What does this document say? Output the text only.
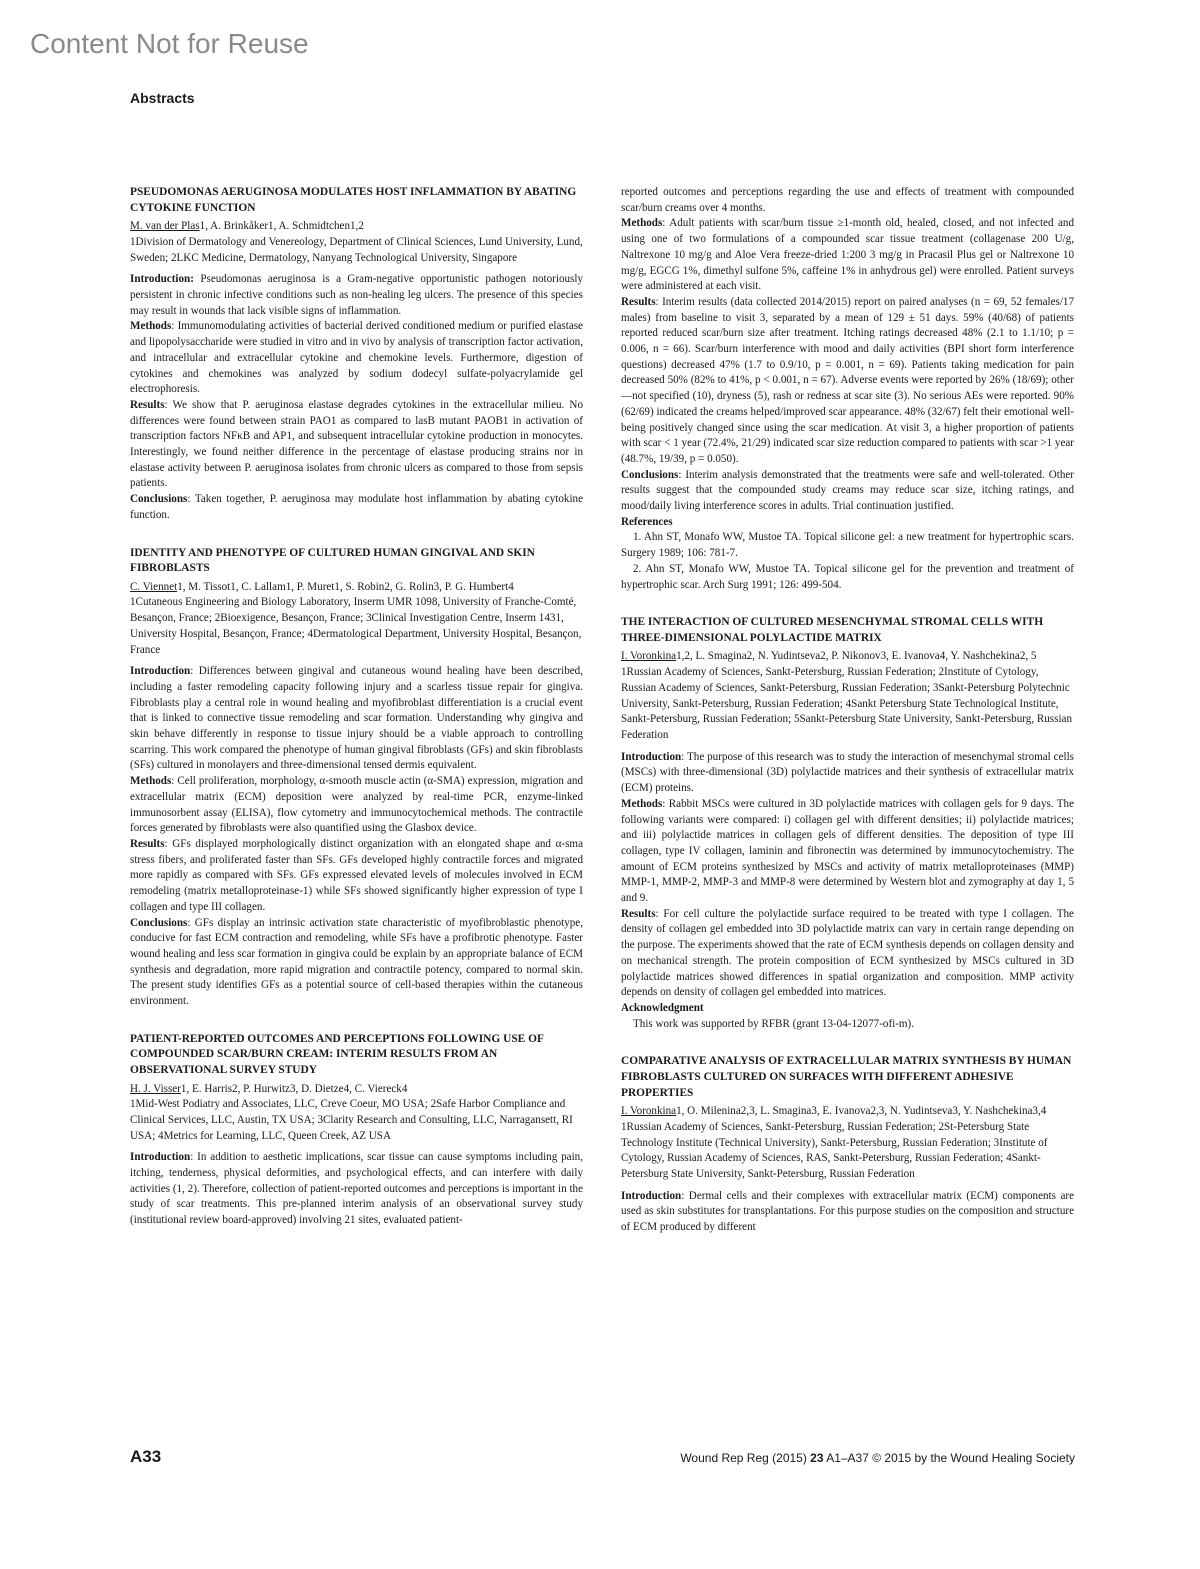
Content Not for Reuse
Abstracts
PSEUDOMONAS AERUGINOSA MODULATES HOST INFLAMMATION BY ABATING CYTOKINE FUNCTION

M. van der Plas1, A. Brinkåker1, A. Schmidtchen1,2

1Division of Dermatology and Venereology, Department of Clinical Sciences, Lund University, Lund, Sweden; 2LKC Medicine, Dermatology, Nanyang Technological University, Singapore

Introduction: Pseudomonas aeruginosa is a Gram-negative opportunistic pathogen notoriously persistent in chronic infective conditions such as non-healing leg ulcers. The presence of this species may result in wounds that lack visible signs of inflammation.

Methods: Immunomodulating activities of bacterial derived conditioned medium or purified elastase and lipopolysaccharide were studied in vitro and in vivo by analysis of transcription factor activation, and intracellular and extracellular cytokine and chemokine levels. Furthermore, digestion of cytokines and chemokines was analyzed by sodium dodecyl sulfate-polyacrylamide gel electrophoresis.

Results: We show that P. aeruginosa elastase degrades cytokines in the extracellular milieu. No differences were found between strain PAO1 as compared to lasB mutant PAOB1 in activation of transcription factors NFκB and AP1, and subsequent intracellular cytokine production in monocytes. Interestingly, we found neither difference in the percentage of elastase producing strains nor in elastase activity between P. aeruginosa isolates from chronic ulcers as compared to those from sepsis patients.

Conclusions: Taken together, P. aeruginosa may modulate host inflammation by abating cytokine function.

IDENTITY AND PHENOTYPE OF CULTURED HUMAN GINGIVAL AND SKIN FIBROBLASTS

C. Viennet1, M. Tissot1, C. Lallam1, P. Muret1, S. Robin2, G. Rolin3, P. G. Humbert4

1Cutaneous Engineering and Biology Laboratory, Inserm UMR 1098, University of Franche-Comté, Besançon, France; 2Bioexigence, Besançon, France; 3Clinical Investigation Centre, Inserm 1431, University Hospital, Besançon, France; 4Dermatological Department, University Hospital, Besançon, France

Introduction: Differences between gingival and cutaneous wound healing have been described, including a faster remodeling capacity following injury and a scarless tissue repair for gingiva. Fibroblasts play a central role in wound healing and myofibroblast differentiation is a crucial event that is linked to connective tissue remodeling and scar formation. Understanding why gingiva and skin behave differently in response to tissue injury should be a viable approach to controlling scarring. This work compared the phenotype of human gingival fibroblasts (GFs) and skin fibroblasts (SFs) cultured in monolayers and three-dimensional tensed dermis equivalent.

Methods: Cell proliferation, morphology, α-smooth muscle actin (α-SMA) expression, migration and extracellular matrix (ECM) deposition were analyzed by real-time PCR, enzyme-linked immunosorbent assay (ELISA), flow cytometry and immunocytochemical methods. The contractile forces generated by fibroblasts were also quantified using the Glasbox device.

Results: GFs displayed morphologically distinct organization with an elongated shape and α-sma stress fibers, and proliferated faster than SFs. GFs developed highly contractile forces and migrated more rapidly as compared with SFs. GFs expressed elevated levels of molecules involved in ECM remodeling (matrix metalloproteinase-1) while SFs showed significantly higher expression of type I collagen and type III collagen.

Conclusions: GFs display an intrinsic activation state characteristic of myofibroblastic phenotype, conducive for fast ECM contraction and remodeling, while SFs have a profibrotic phenotype. Faster wound healing and less scar formation in gingiva could be explain by an appropriate balance of ECM synthesis and degradation, more rapid migration and contractile potency, compared to normal skin. The present study identifies GFs as a potential source of cell-based therapies within the cutaneous environment.

PATIENT-REPORTED OUTCOMES AND PERCEPTIONS FOLLOWING USE OF COMPOUNDED SCAR/BURN CREAM: INTERIM RESULTS FROM AN OBSERVATIONAL SURVEY STUDY

H. J. Visser1, E. Harris2, P. Hurwitz3, D. Dietze4, C. Viereck4

1Mid-West Podiatry and Associates, LLC, Creve Coeur, MO USA; 2Safe Harbor Compliance and Clinical Services, LLC, Austin, TX USA; 3Clarity Research and Consulting, LLC, Narragansett, RI USA; 4Metrics for Learning, LLC, Queen Creek, AZ USA

Introduction: In addition to aesthetic implications, scar tissue can cause symptoms including pain, itching, tenderness, physical deformities, and psychological effects, and can interfere with daily activities (1, 2). Therefore, collection of patient-reported outcomes and perceptions is important in the study of scar treatments. This pre-planned interim analysis of an observational survey study (institutional review board-approved) involving 21 sites, evaluated patient-

reported outcomes and perceptions regarding the use and effects of treatment with compounded scar/burn creams over 4 months.

Methods: Adult patients with scar/burn tissue ≥1-month old, healed, closed, and not infected and using one of two formulations of a compounded scar tissue treatment (collagenase 200 U/g, Naltrexone 10 mg/g and Aloe Vera freeze-dried 1:200 3 mg/g in Pracasil Plus gel or Naltrexone 10 mg/g, EGCG 1%, dimethyl sulfone 5%, caffeine 1% in anhydrous gel) were enrolled. Patient surveys were administered at each visit.

Results: Interim results (data collected 2014/2015) report on paired analyses (n = 69, 52 females/17 males) from baseline to visit 3, separated by a mean of 129 ± 51 days. 59% (40/68) of patients reported reduced scar/burn size after treatment. Itching ratings decreased 48% (2.1 to 1.1/10; p = 0.006, n = 66). Scar/burn interference with mood and daily activities (BPI short form interference questions) decreased 47% (1.7 to 0.9/10, p = 0.001, n = 69). Patients taking medication for pain decreased 50% (82% to 41%, p < 0.001, n = 67). Adverse events were reported by 26% (18/69); other—not specified (10), dryness (5), rash or redness at scar site (3). No serious AEs were reported. 90% (62/69) indicated the creams helped/improved scar appearance. 48% (32/67) felt their emotional well-being positively changed since using the scar medication. At visit 3, a higher proportion of patients with scar < 1 year (72.4%, 21/29) indicated scar size reduction compared to patients with scar >1 year (48.7%, 19/39, p = 0.050).

Conclusions: Interim analysis demonstrated that the treatments were safe and well-tolerated. Other results suggest that the compounded study creams may reduce scar size, itching ratings, and mood/daily living interference scores in adults. Trial continuation justified.

References

1. Ahn ST, Monafo WW, Mustoe TA. Topical silicone gel: a new treatment for hypertrophic scars. Surgery 1989; 106: 781-7.

2. Ahn ST, Monafo WW, Mustoe TA. Topical silicone gel for the prevention and treatment of hypertrophic scar. Arch Surg 1991; 126: 499-504.

THE INTERACTION OF CULTURED MESENCHYMAL STROMAL CELLS WITH THREE-DIMENSIONAL POLYLACTIDE MATRIX

I. Voronkina1,2, L. Smagina2, N. Yudintseva2, P. Nikonov3, E. Ivanova4, Y. Nashchekina2, 5

1Russian Academy of Sciences, Sankt-Petersburg, Russian Federation; 2Institute of Cytology, Russian Academy of Sciences, Sankt-Petersburg, Russian Federation; 3Sankt-Petersburg Polytechnic University, Sankt-Petersburg, Russian Federation; 4Sankt Petersburg State Technological Institute, Sankt-Petersburg, Russian Federation; 5Sankt-Petersburg State University, Sankt-Petersburg, Russian Federation

Introduction: The purpose of this research was to study the interaction of mesenchymal stromal cells (MSCs) with three-dimensional (3D) polylactide matrices and their synthesis of extracellular matrix (ECM) proteins.

Methods: Rabbit MSCs were cultured in 3D polylactide matrices with collagen gels for 9 days. The following variants were compared: i) collagen gel with different densities; ii) polylactide matrices; and iii) polylactide matrices in collagen gels of different densities. The deposition of type III collagen, type IV collagen, laminin and fibronectin was determined by immunocytochemistry. The amount of ECM proteins synthesized by MSCs and activity of matrix metalloproteinases (MMP) MMP-1, MMP-2, MMP-3 and MMP-8 were determined by Western blot and zymography at day 1, 5 and 9.

Results: For cell culture the polylactide surface required to be treated with type I collagen. The density of collagen gel embedded into 3D polylactide matrix can vary in certain range depending on the purpose. The experiments showed that the rate of ECM synthesis depends on collagen density and on mechanical strength. The protein composition of ECM synthesized by MSCs cultured in 3D polylactide matrices showed differences in spatial organization and composition. MMP activity depends on density of collagen gel embedded into matrices.

Acknowledgment

This work was supported by RFBR (grant 13-04-12077-ofi-m).

COMPARATIVE ANALYSIS OF EXTRACELLULAR MATRIX SYNTHESIS BY HUMAN FIBROBLASTS CULTURED ON SURFACES WITH DIFFERENT ADHESIVE PROPERTIES

I. Voronkina1, O. Milenina2,3, L. Smagina3, E. Ivanova2,3, N. Yudintseva3, Y. Nashchekina3,4

1Russian Academy of Sciences, Sankt-Petersburg, Russian Federation; 2St-Petersburg State Technology Institute (Technical University), Sankt-Petersburg, Russian Federation; 3Institute of Cytology, Russian Academy of Sciences, RAS, Sankt-Petersburg, Russian Federation; 4Sankt-Petersburg State University, Sankt-Petersburg, Russian Federation

Introduction: Dermal cells and their complexes with extracellular matrix (ECM) components are used as skin substitutes for transplantations. For this purpose studies on the composition and structure of ECM produced by different

A33	Wound Rep Reg (2015) 23 A1–A37 © 2015 by the Wound Healing Society
